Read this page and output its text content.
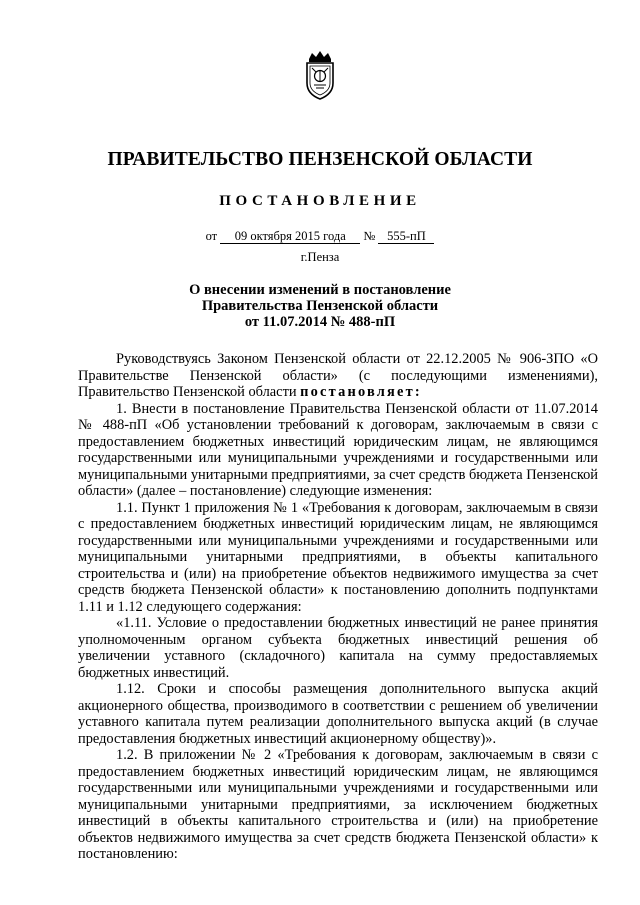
ПРАВИТЕЛЬСТВО ПЕНЗЕНСКОЙ ОБЛАСТИ
ПОСТАНОВЛЕНИЕ
от 09 октября 2015 года № 555-пП
г.Пенза
О внесении изменений в постановление
Правительства Пензенской области
от 11.07.2014 № 488-пП

Руководствуясь Законом Пензенской области от 22.12.2005 № 906-ЗПО «О Правительстве Пензенской области» (с последующими изменениями), Правительство Пензенской области постановляет:

1. Внести в постановление Правительства Пензенской области от 11.07.2014 № 488-пП «Об установлении требований к договорам, заключаемым в связи с предоставлением бюджетных инвестиций юридическим лицам, не являющимся государственными или муниципальными учреждениями и государственными или муниципальными унитарными предприятиями, за счет средств бюджета Пензенской области» (далее – постановление) следующие изменения:

1.1. Пункт 1 приложения № 1 «Требования к договорам, заключаемым в связи с предоставлением бюджетных инвестиций юридическим лицам, не являющимся государственными или муниципальными учреждениями и государственными или муниципальными унитарными предприятиями, в объекты капитального строительства и (или) на приобретение объектов недвижимого имущества за счет средств бюджета Пензенской области» к постановлению дополнить подпунктами 1.11 и 1.12 следующего содержания:

«1.11. Условие о предоставлении бюджетных инвестиций не ранее принятия уполномоченным органом субъекта бюджетных инвестиций решения об увеличении уставного (складочного) капитала на сумму предоставляемых бюджетных инвестиций.

1.12. Сроки и способы размещения дополнительного выпуска акций акционерного общества, производимого в соответствии с решением об увеличении уставного капитала путем реализации дополнительного выпуска акций (в случае предоставления бюджетных инвестиций акционерному обществу)».

1.2. В приложении № 2 «Требования к договорам, заключаемым в связи с предоставлением бюджетных инвестиций юридическим лицам, не являющимся государственными или муниципальными учреждениями и государственными или муниципальными унитарными предприятиями, за исключением бюджетных инвестиций в объекты капитального строительства и (или) на приобретение объектов недвижимого имущества за счет средств бюджета Пензенской области» к постановлению:
